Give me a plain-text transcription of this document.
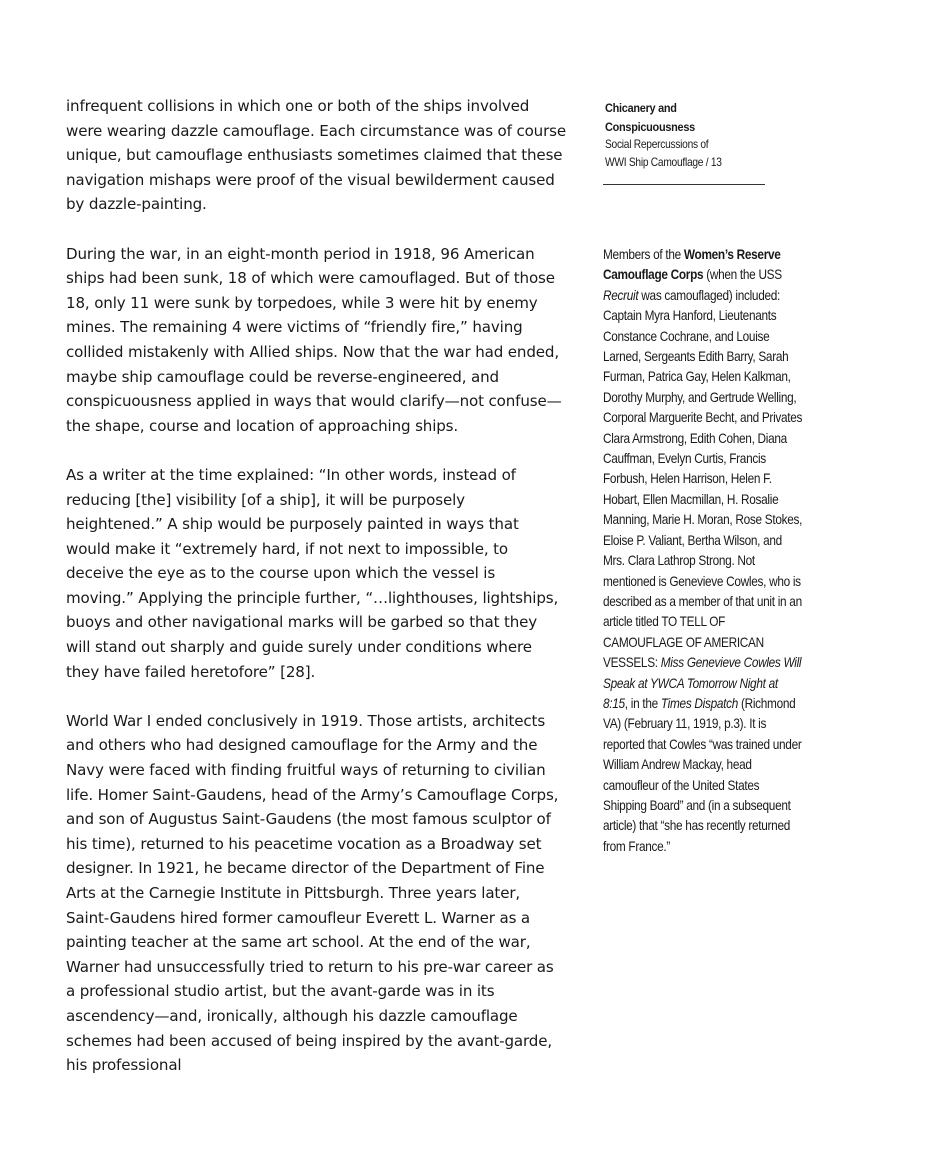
infrequent collisions in which one or both of the ships involved were wearing dazzle camouflage. Each circumstance was of course unique, but camouflage enthusiasts sometimes claimed that these navigation mishaps were proof of the visual bewilderment caused by dazzle-painting.

During the war, in an eight-month period in 1918, 96 American ships had been sunk, 18 of which were camouflaged. But of those 18, only 11 were sunk by torpedoes, while 3 were hit by enemy mines. The remaining 4 were victims of “friendly fire,” having collided mistakenly with Allied ships. Now that the war had ended, maybe ship camouflage could be reverse-engineered, and conspicuousness applied in ways that would clarify—not confuse—the shape, course and location of approaching ships.

As a writer at the time explained: “In other words, instead of reducing [the] visibility [of a ship], it will be purposely heightened.” A ship would be purposely painted in ways that would make it “extremely hard, if not next to impossible, to deceive the eye as to the course upon which the vessel is moving.” Applying the principle further, “…lighthouses, lightships, buoys and other navigational marks will be garbed so that they will stand out sharply and guide surely under conditions where they have failed heretofore” [28].

World War I ended conclusively in 1919. Those artists, architects and others who had designed camouflage for the Army and the Navy were faced with finding fruitful ways of returning to civilian life. Homer Saint-Gaudens, head of the Army’s Camouflage Corps, and son of Augustus Saint-Gaudens (the most famous sculptor of his time), returned to his peacetime vocation as a Broadway set designer. In 1921, he became director of the Department of Fine Arts at the Carnegie Institute in Pittsburgh. Three years later, Saint-Gaudens hired former camoufleur Everett L. Warner as a painting teacher at the same art school. At the end of the war, Warner had unsuccessfully tried to return to his pre-war career as a professional studio artist, but the avant-garde was in its ascendency—and, ironically, although his dazzle camouflage schemes had been accused of being inspired by the avant-garde, his professional

Chicanery and
Conspicuousness
Social Repercussions of
WWI Ship Camouflage / 13
Members of the Women’s Reserve Camouflage Corps (when the USS Recruit was camouflaged) included: Captain Myra Hanford, Lieutenants Constance Cochrane, and Louise Larned, Sergeants Edith Barry, Sarah Furman, Patrica Gay, Helen Kalkman, Dorothy Murphy, and Gertrude Welling, Corporal Marguerite Becht, and Privates Clara Armstrong, Edith Cohen, Diana Cauffman, Evelyn Curtis, Francis Forbush, Helen Harrison, Helen F. Hobart, Ellen Macmillan, H. Rosalie Manning, Marie H. Moran, Rose Stokes, Eloise P. Valiant, Bertha Wilson, and Mrs. Clara Lathrop Strong. Not mentioned is Genevieve Cowles, who is described as a member of that unit in an article titled TO TELL OF CAMOUFLAGE OF AMERICAN VESSELS: Miss Genevieve Cowles Will Speak at YWCA Tomorrow Night at 8:15, in the Times Dispatch (Richmond VA) (February 11, 1919, p.3). It is reported that Cowles “was trained under William Andrew Mackay, head camoufleur of the United States Shipping Board” and (in a subsequent article) that “she has recently returned from France.”
